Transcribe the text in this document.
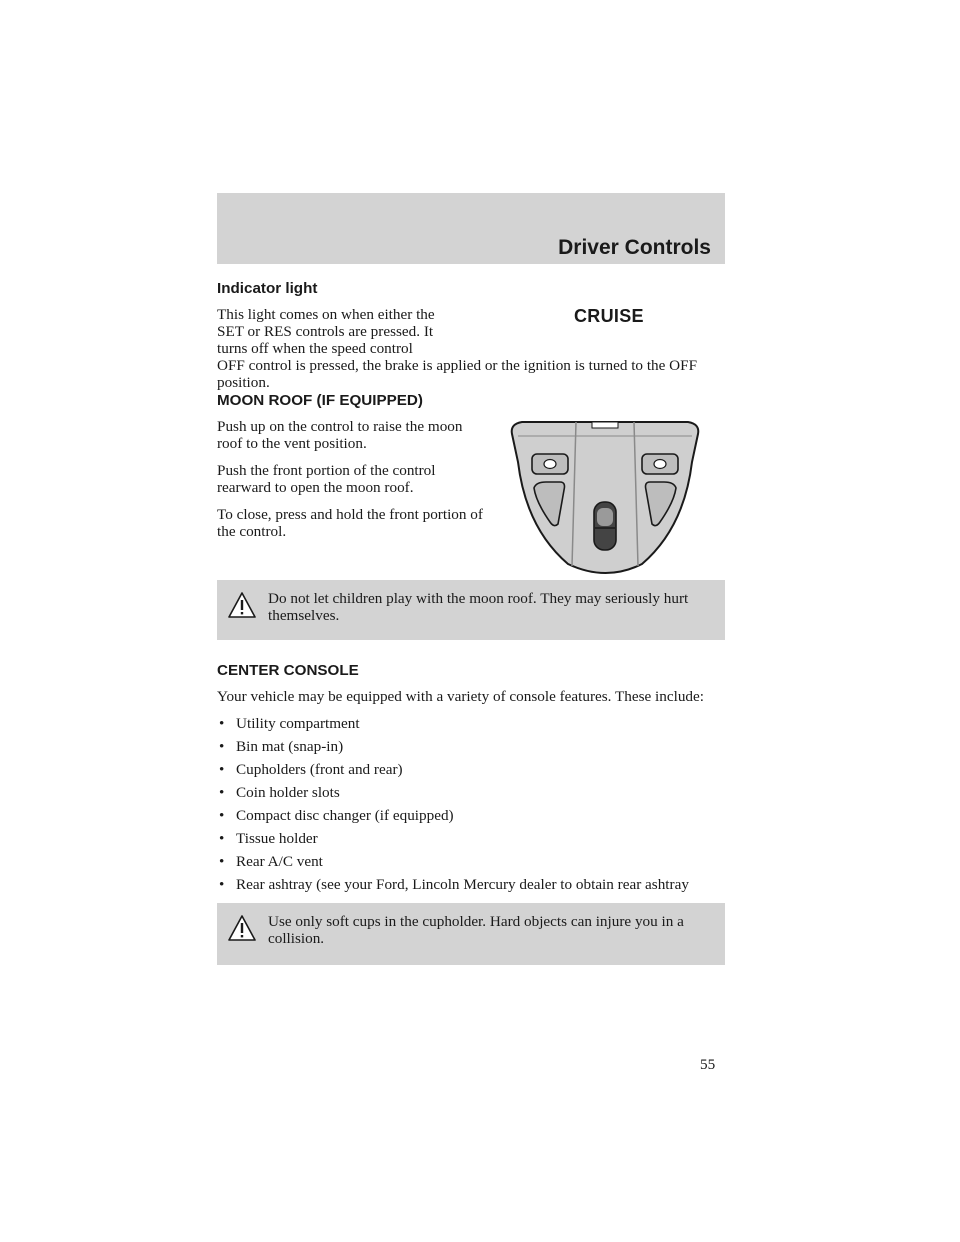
Driver Controls
Indicator light
This light comes on when either the
SET or RES controls are pressed. It
turns off when the speed control
OFF control is pressed, the brake is applied or the ignition is turned to the OFF position.
CRUISE
MOON ROOF (IF EQUIPPED)

Push up on the control to raise the moon roof to the vent position.

Push the front portion of the control rearward to open the moon roof.

To close, press and hold the front portion of the control.

Do not let children play with the moon roof. They may seriously hurt themselves.

CENTER CONSOLE

Your vehicle may be equipped with a variety of console features. These include:

• Utility compartment
• Bin mat (snap-in)
• Cupholders (front and rear)
• Coin holder slots
• Compact disc changer (if equipped)
• Tissue holder
• Rear A/C vent
• Rear ashtray (see your Ford, Lincoln Mercury dealer to obtain rear ashtray

Use only soft cups in the cupholder. Hard objects can injure you in a collision.

55
